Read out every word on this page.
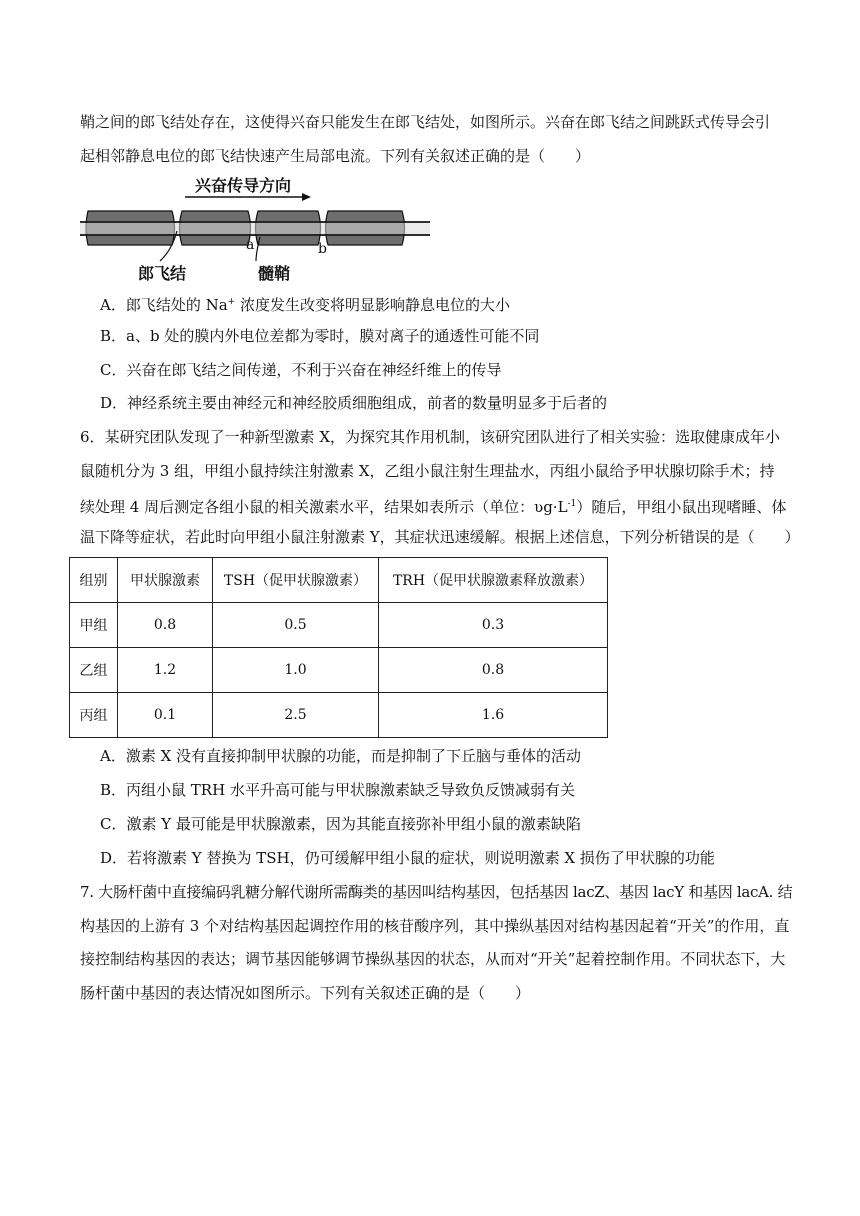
鞘之间的郎飞结处存在，这使得兴奋只能发生在郎飞结处，如图所示。兴奋在郎飞结之间跳跃式传导会引
起相邻静息电位的郎飞结快速产生局部电流。下列有关叙述正确的是（　　）
兴奋传导方向
a	b
郎飞结	髓鞘
A．郎飞结处的 Na+ 浓度发生改变将明显影响静息电位的大小
B．a、b 处的膜内外电位差都为零时，膜对离子的通透性可能不同
C．兴奋在郎飞结之间传递，不利于兴奋在神经纤维上的传导
D．神经系统主要由神经元和神经胶质细胞组成，前者的数量明显多于后者的
6．某研究团队发现了一种新型激素 X，为探究其作用机制，该研究团队进行了相关实验：选取健康成年小
鼠随机分为 3 组，甲组小鼠持续注射激素 X，乙组小鼠注射生理盐水，丙组小鼠给予甲状腺切除手术；持
续处理 4 周后测定各组小鼠的相关激素水平，结果如表所示（单位：$ʋg\cdot L^{-1}$）随后，甲组小鼠出现嗜睡、体
温下降等症状，若此时向甲组小鼠注射激素 Y，其症状迅速缓解。根据上述信息，下列分析错误的是（　　）
组别	甲状腺激素	TSH（促甲状腺激素）	TRH（促甲状腺激素释放激素）
甲组	0.8	0.5	0.3
乙组	1.2	1.0	0.8
丙组	0.1	2.5	1.6
A．激素 X 没有直接抑制甲状腺的功能，而是抑制了下丘脑与垂体的活动
B．丙组小鼠 TRH 水平升高可能与甲状腺激素缺乏导致负反馈减弱有关
C．激素 Y 最可能是甲状腺激素，因为其能直接弥补甲组小鼠的激素缺陷
D．若将激素 Y 替换为 TSH，仍可缓解甲组小鼠的症状，则说明激素 X 损伤了甲状腺的功能
7. 大肠杆菌中直接编码乳糖分解代谢所需酶类的基因叫结构基因，包括基因 lacZ、基因 lacY 和基因 lacA. 结
构基因的上游有 3 个对结构基因起调控作用的核苷酸序列，其中操纵基因对结构基因起着“开关”的作用，直
接控制结构基因的表达；调节基因能够调节操纵基因的状态，从而对“开关”起着控制作用。不同状态下，大
肠杆菌中基因的表达情况如图所示。下列有关叙述正确的是（　　）
